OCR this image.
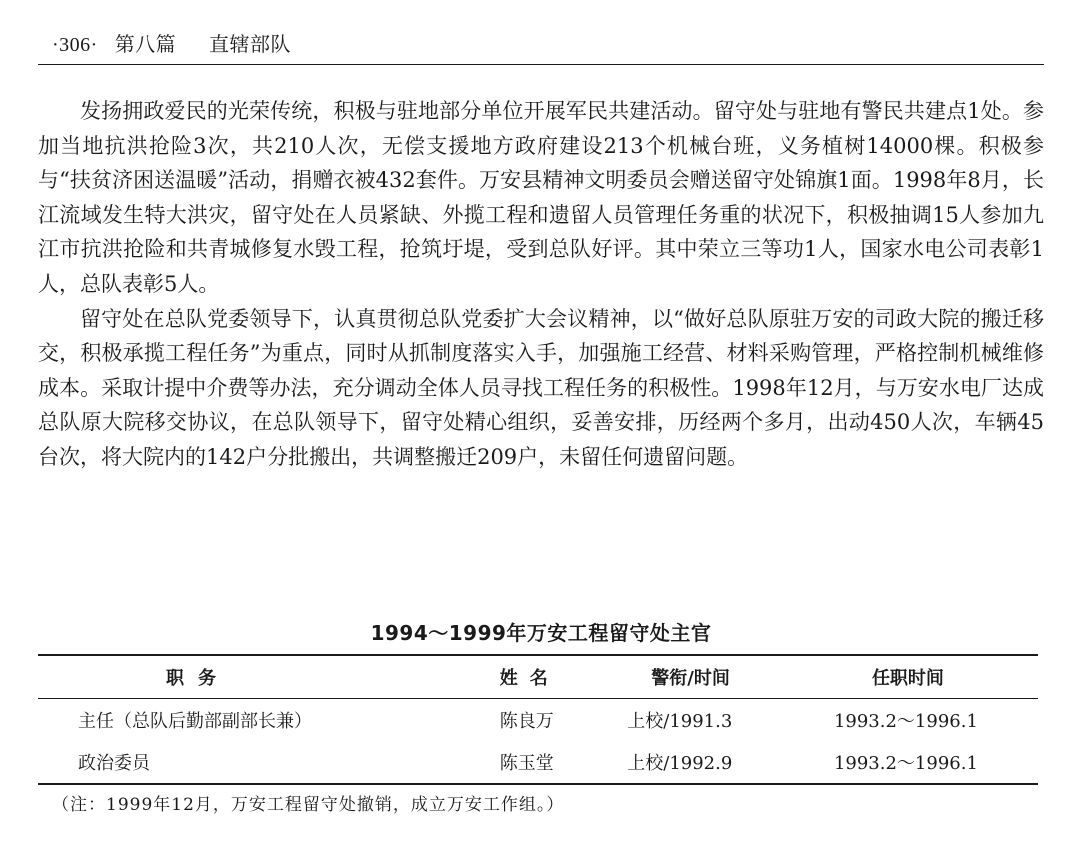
·306· 第八篇 直辖部队

发扬拥政爱民的光荣传统，积极与驻地部分单位开展军民共建活动。留守处与驻地有警民共建点1处。参加当地抗洪抢险3次，共210人次，无偿支援地方政府建设213个机械台班，义务植树14000棵。积极参与“扶贫济困送温暖”活动，捐赠衣被432套件。万安县精神文明委员会赠送留守处锦旗1面。1998年8月，长江流域发生特大洪灾，留守处在人员紧缺、外揽工程和遗留人员管理任务重的状况下，积极抽调15人参加九江市抗洪抢险和共青城修复水毁工程，抢筑圩堤，受到总队好评。其中荣立三等功1人，国家水电公司表彰1人，总队表彰5人。

留守处在总队党委领导下，认真贯彻总队党委扩大会议精神，以“做好总队原驻万安的司政大院的搬迁移交，积极承揽工程任务”为重点，同时从抓制度落实入手，加强施工经营、材料采购管理，严格控制机械维修成本。采取计提中介费等办法，充分调动全体人员寻找工程任务的积极性。1998年12月，与万安水电厂达成总队原大院移交协议，在总队领导下，留守处精心组织，妥善安排，历经两个多月，出动450人次，车辆45台次，将大院内的142户分批搬出，共调整搬迁209户，未留任何遗留问题。

1994～1999年万安工程留守处主官
职务	姓名	警衔/时间	任职时间
主任（总队后勤部副部长兼）	陈良万	上校/1991.3	1993.2～1996.1
政治委员	陈玉堂	上校/1992.9	1993.2～1996.1
（注：1999年12月，万安工程留守处撤销，成立万安工作组。）
